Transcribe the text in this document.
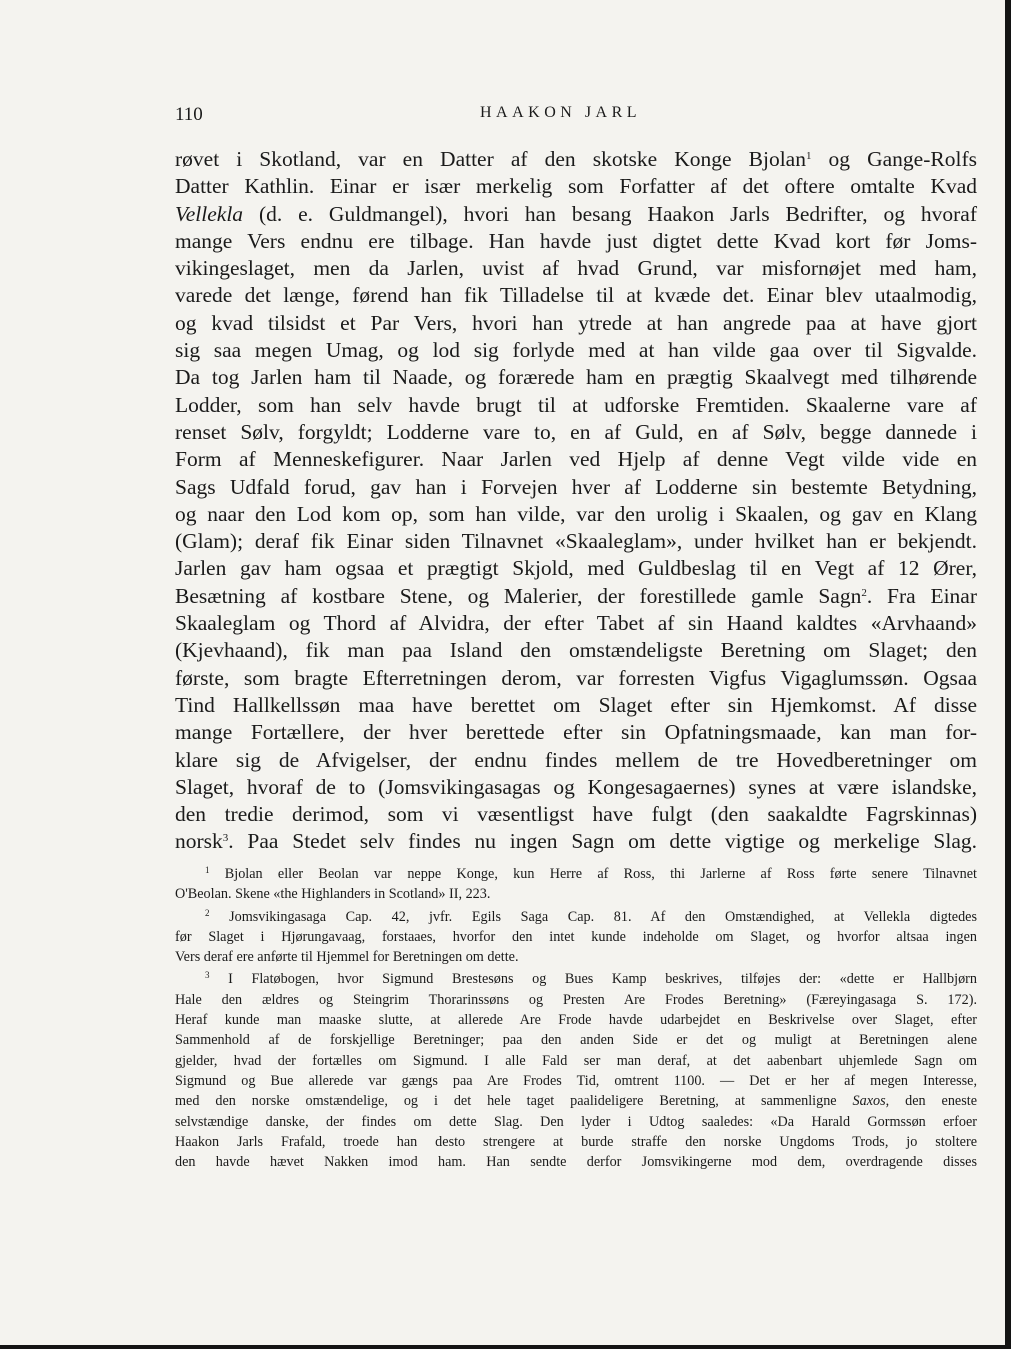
110	HAAKON JARL
røvet i Skotland, var en Datter af den skotske Konge Bjolan$^1$ og Gange-Rolfs
Datter Kathlin. Einar er især merkelig som Forfatter af det oftere omtalte Kvad
Vellekla (d. e. Guldmangel), hvori han besang Haakon Jarls Bedrifter, og hvoraf
mange Vers endnu ere tilbage. Han havde just digtet dette Kvad kort før Joms-
vikingeslaget, men da Jarlen, uvist af hvad Grund, var misfornøjet med ham,
varede det længe, førend han fik Tilladelse til at kvæde det. Einar blev utaalmodig,
og kvad tilsidst et Par Vers, hvori han ytrede at han angrede paa at have gjort
sig saa megen Umag, og lod sig forlyde med at han vilde gaa over til Sigvalde.
Da tog Jarlen ham til Naade, og forærede ham en prægtig Skaalvegt med tilhørende
Lodder, som han selv havde brugt til at udforske Fremtiden. Skaalerne vare af
renset Sølv, forgyldt; Lodderne vare to, en af Guld, en af Sølv, begge dannede i
Form af Menneskefigurer. Naar Jarlen ved Hjelp af denne Vegt vilde vide en
Sags Udfald forud, gav han i Forvejen hver af Lodderne sin bestemte Betydning,
og naar den Lod kom op, som han vilde, var den urolig i Skaalen, og gav en Klang
(Glam); deraf fik Einar siden Tilnavnet «Skaaleglam», under hvilket han er bekjendt.
Jarlen gav ham ogsaa et prægtigt Skjold, med Guldbeslag til en Vegt af 12 Ører,
Besætning af kostbare Stene, og Malerier, der forestillede gamle Sagn$^2$. Fra Einar
Skaaleglam og Thord af Alvidra, der efter Tabet af sin Haand kaldtes «Arvhaand»
(Kjevhaand), fik man paa Island den omstændeligste Beretning om Slaget; den
første, som bragte Efterretningen derom, var forresten Vigfus Vigaglumssøn. Ogsaa
Tind Hallkellssøn maa have berettet om Slaget efter sin Hjemkomst. Af disse
mange Fortællere, der hver berettede efter sin Opfatningsmaade, kan man for-
klare sig de Afvigelser, der endnu findes mellem de tre Hovedberetninger om
Slaget, hvoraf de to (Jomsvikingasagas og Kongesagaernes) synes at være islandske,
den tredie derimod, som vi væsentligst have fulgt (den saakaldte Fagrskinnas)
norsk$^3$. Paa Stedet selv findes nu ingen Sagn om dette vigtige og merkelige Slag.
$^1$ Bjolan eller Beolan var neppe Konge, kun Herre af Ross, thi Jarlerne af Ross førte senere Tilnavnet
O'Beolan. Skene «the Highlanders in Scotland» II, 223.
$^2$ Jomsvikingasaga Cap. 42, jvfr. Egils Saga Cap. 81. Af den Omstændighed, at Vellekla digtedes
før Slaget i Hjørungavaag, forstaaes, hvorfor den intet kunde indeholde om Slaget, og hvorfor altsaa ingen
Vers deraf ere anførte til Hjemmel for Beretningen om dette.
$^3$ I Flatøbogen, hvor Sigmund Brestesøns og Bues Kamp beskrives, tilføjes der: «dette er Hallbjørn
Hale den ældres og Steingrim Thorarinssøns og Presten Are Frodes Beretning» (Færeyingasaga S. 172).
Heraf kunde man maaske slutte, at allerede Are Frode havde udarbejdet en Beskrivelse over Slaget, efter
Sammenhold af de forskjellige Beretninger; paa den anden Side er det og muligt at Beretningen alene
gjelder, hvad der fortælles om Sigmund. I alle Fald ser man deraf, at det aabenbart uhjemlede Sagn om
Sigmund og Bue allerede var gængs paa Are Frodes Tid, omtrent 1100. — Det er her af megen Interesse,
med den norske omstændelige, og i det hele taget paalideligere Beretning, at sammenligne Saxos, den eneste
selvstændige danske, der findes om dette Slag. Den lyder i Udtog saaledes: «Da Harald Gormssøn erfoer
Haakon Jarls Frafald, troede han desto strengere at burde straffe den norske Ungdoms Trods, jo stoltere
den havde hævet Nakken imod ham. Han sendte derfor Jomsvikingerne mod dem, overdragende disses
